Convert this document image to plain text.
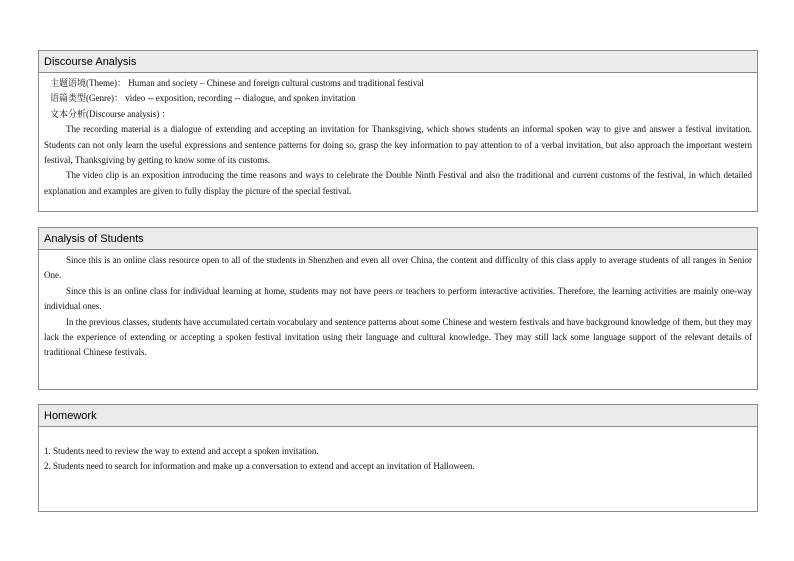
Discourse Analysis
主题语境(Theme)： Human and society – Chinese and foreign cultural customs and traditional festival
语篇类型(Genre)： video -- exposition, recording -- dialogue, and spoken invitation
文本分析(Discourse analysis) ：

The recording material is a dialogue of extending and accepting an invitation for Thanksgiving, which shows students an informal spoken way to give and answer a festival invitation. Students can not only learn the useful expressions and sentence patterns for doing so, grasp the key information to pay attention to of a verbal invitation, but also approach the important western festival, Thanksgiving by getting to know some of its customs.

The video clip is an exposition introducing the time reasons and ways to celebrate the Double Ninth Festival and also the traditional and current customs of the festival, in which detailed explanation and examples are given to fully display the picture of the special festival.

Analysis of Students

Since this is an online class resource open to all of the students in Shenzhen and even all over China, the content and difficulty of this class apply to average students of all ranges in Senior One.

Since this is an online class for individual learning at home, students may not have peers or teachers to perform interactive activities. Therefore, the learning activities are mainly one-way individual ones.

In the previous classes, students have accumulated certain vocabulary and sentence patterns about some Chinese and western festivals and have background knowledge of them, but they may lack the experience of extending or accepting a spoken festival invitation using their language and cultural knowledge. They may still lack some language support of the relevant details of traditional Chinese festivals.

Homework
1. Students need to review the way to extend and accept a spoken invitation.
2. Students need to search for information and make up a conversation to extend and accept an invitation of Halloween.
